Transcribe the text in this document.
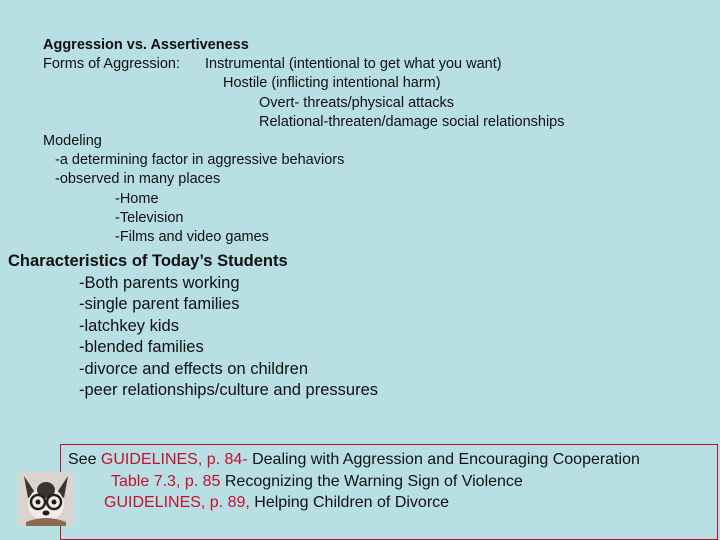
Aggression vs. Assertiveness
Forms of Aggression: Instrumental (intentional to get what you want)
Hostile (inflicting intentional harm)
Overt- threats/physical attacks
Relational-threaten/damage social relationships
Modeling
-a determining factor in aggressive behaviors
-observed in many places
-Home
-Television
-Films and video games
Characteristics of Today’s Students
-Both parents working
-single parent families
-latchkey kids
-blended families
-divorce and effects on children
-peer relationships/culture and pressures
See GUIDELINES, p. 84- Dealing with Aggression and Encouraging Cooperation
Table 7.3, p. 85 Recognizing the Warning Sign of Violence
GUIDELINES, p. 89, Helping Children of Divorce
